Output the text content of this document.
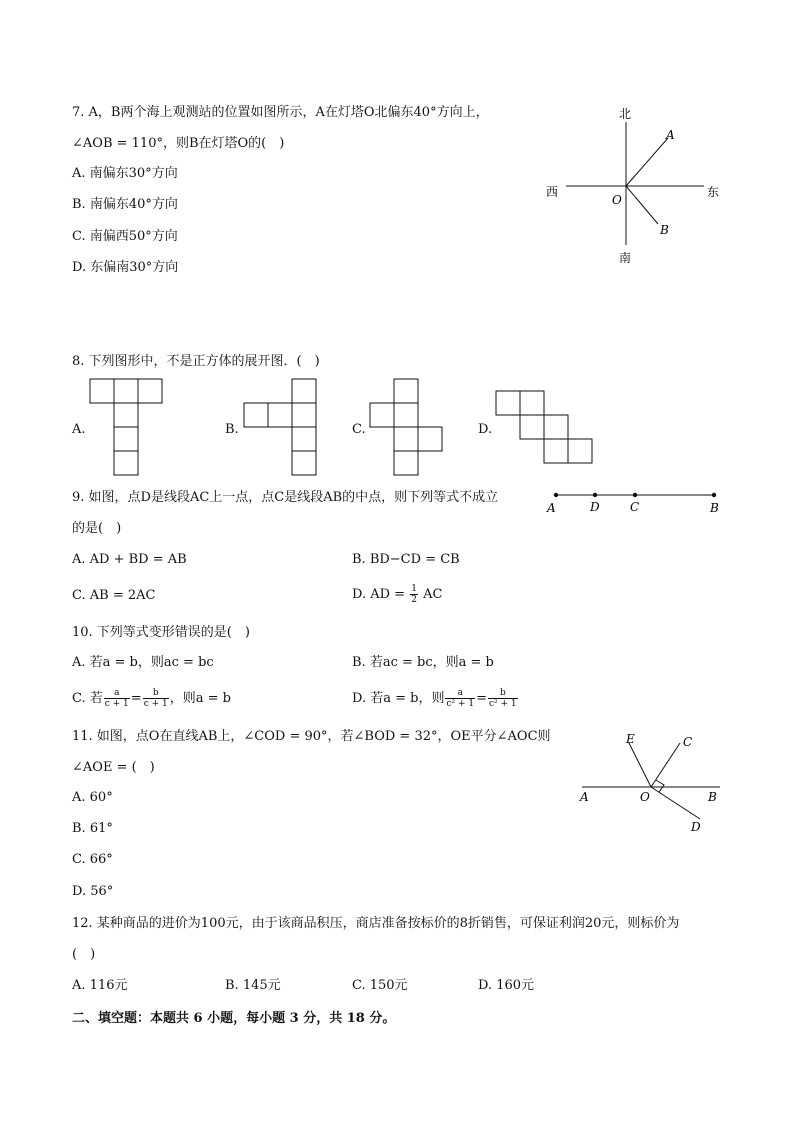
7. A，B两个海上观测站的位置如图所示，A在灯塔O北偏东40°方向上，
∠AOB = 110°，则B在灯塔O的(　)
A. 南偏东30°方向
B. 南偏东40°方向
C. 南偏西50°方向
D. 东偏南30°方向
北
南
东
西
O
A
B
8. 下列图形中，不是正方体的展开图．(　)
A.	B.	C.	D.
9. 如图，点D是线段AC上一点，点C是线段AB的中点，则下列等式不成立
的是(　)
A. AD + BD = AB	B. BD−CD = CB
C. AB = 2AC	D. AD = $\frac{1}{2}$ AC
A	D	C	B
10. 下列等式变形错误的是(　)
A. 若a = b，则ac = bc	B. 若ac = bc，则a = b
C. 若 $\frac{a}{c + 1} = \frac{b}{c + 1}$ ，则a = b	D. 若a = b，则 $\frac{a}{\text{c² + 1}} = \frac{b}{\text{c² + 1}}$
11. 如图，点O在直线AB上，∠COD = 90°，若∠BOD = 32°，OE平分∠AOC则
∠AOE = (　)
A. 60°
B. 61°
C. 66°
D. 56°
E	C
A	O	B
D
12. 某种商品的进价为100元，由于该商品积压，商店准备按标价的8折销售，可保证利润20元，则标价为
(　)
A. 116元	B. 145元	C. 150元	D. 160元
二、填空题：本题共 6 小题，每小题 3 分，共 18 分。
